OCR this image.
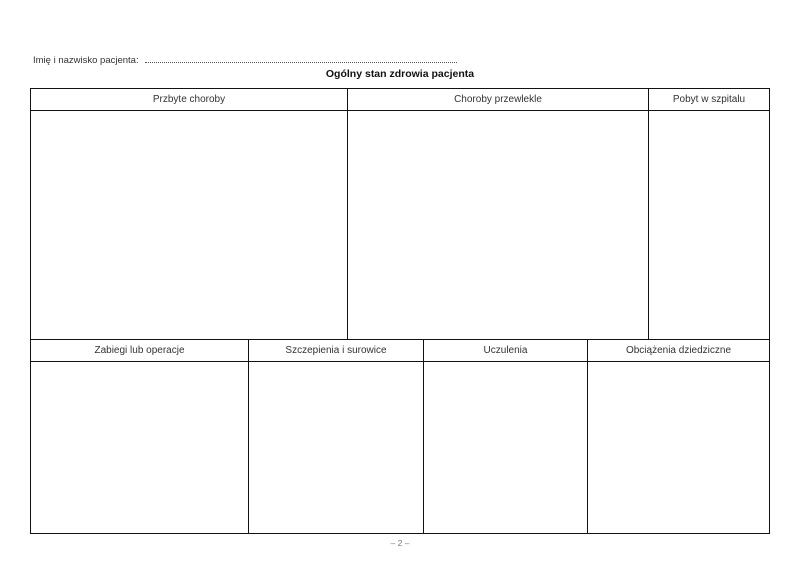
Imię i nazwisko pacjenta:
Ogólny stan zdrowia pacjenta
Przbyte choroby	Choroby przewlekle	Pobyt w szpitalu
Zabiegi lub operacje	Szczepienia i surowice	Uczulenia	Obciążenia dziedziczne
– 2 –
